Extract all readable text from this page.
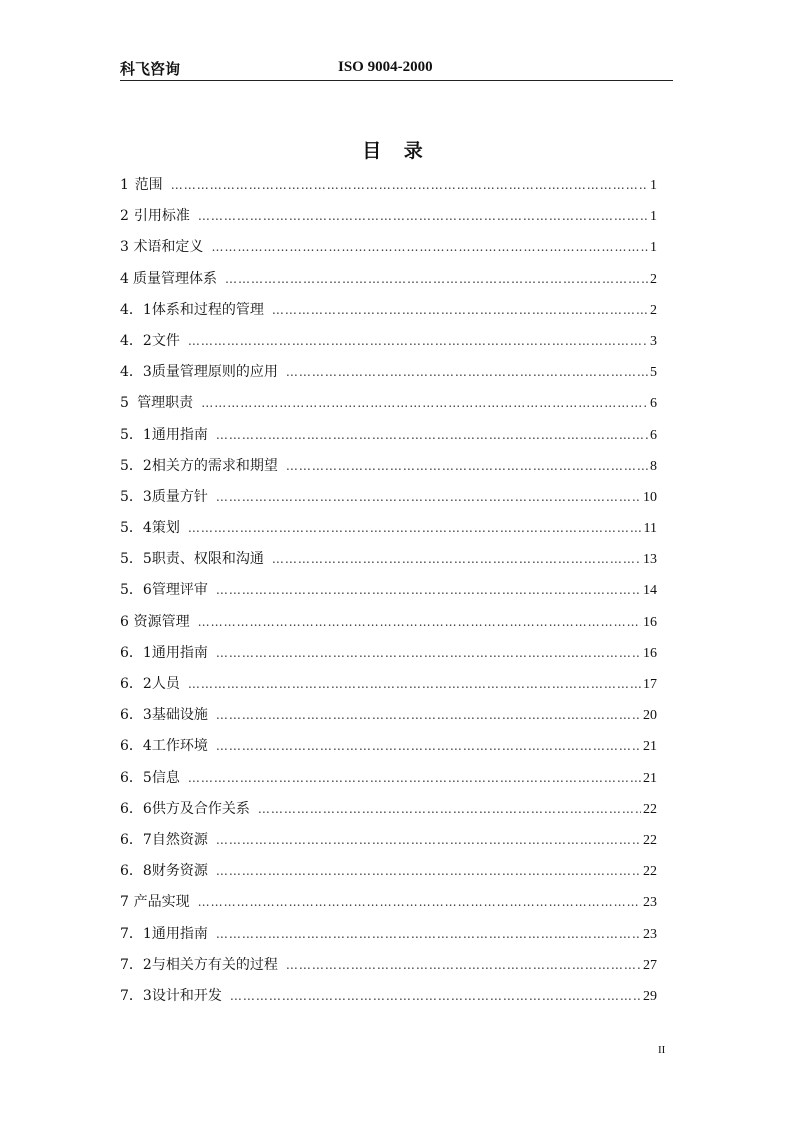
科飞咨询	ISO 9004-2000
目 录
1 范围 ………………………………………………………………………………………………………………………………………………………………	1
2 引用标准 ………………………………………………………………………………………………………………………………………………………………	1
3 术语和定义 ………………………………………………………………………………………………………………………………………………………………	1
4 质量管理体系 ………………………………………………………………………………………………………………………………………………………………	2
4．1 体系和过程的管理 ………………………………………………………………………………………………………………………………………………………………	2
4．2 文件 ………………………………………………………………………………………………………………………………………………………………	3
4．3 质量管理原则的应用 ………………………………………………………………………………………………………………………………………………………………	5
5 管理职责 ………………………………………………………………………………………………………………………………………………………………	6
5．1 通用指南 ………………………………………………………………………………………………………………………………………………………………	6
5．2 相关方的需求和期望 ………………………………………………………………………………………………………………………………………………………………	8
5．3 质量方针 ………………………………………………………………………………………………………………………………………………………………	10
5．4 策划 ………………………………………………………………………………………………………………………………………………………………	11
5．5 职责、权限和沟通 ………………………………………………………………………………………………………………………………………………………………	13
5．6 管理评审 ………………………………………………………………………………………………………………………………………………………………	14
6 资源管理 ………………………………………………………………………………………………………………………………………………………………	16
6．1 通用指南 ………………………………………………………………………………………………………………………………………………………………	16
6．2 人员 ………………………………………………………………………………………………………………………………………………………………	17
6．3 基础设施 ………………………………………………………………………………………………………………………………………………………………	20
6．4 工作环境 ………………………………………………………………………………………………………………………………………………………………	21
6．5 信息 ………………………………………………………………………………………………………………………………………………………………	21
6．6 供方及合作关系 ………………………………………………………………………………………………………………………………………………………………	22
6．7 自然资源 ………………………………………………………………………………………………………………………………………………………………	22
6．8 财务资源 ………………………………………………………………………………………………………………………………………………………………	22
7 产品实现 ………………………………………………………………………………………………………………………………………………………………	23
7．1 通用指南 ………………………………………………………………………………………………………………………………………………………………	23
7．2 与相关方有关的过程 ………………………………………………………………………………………………………………………………………………………………	27
7．3 设计和开发 ………………………………………………………………………………………………………………………………………………………………	29
II
